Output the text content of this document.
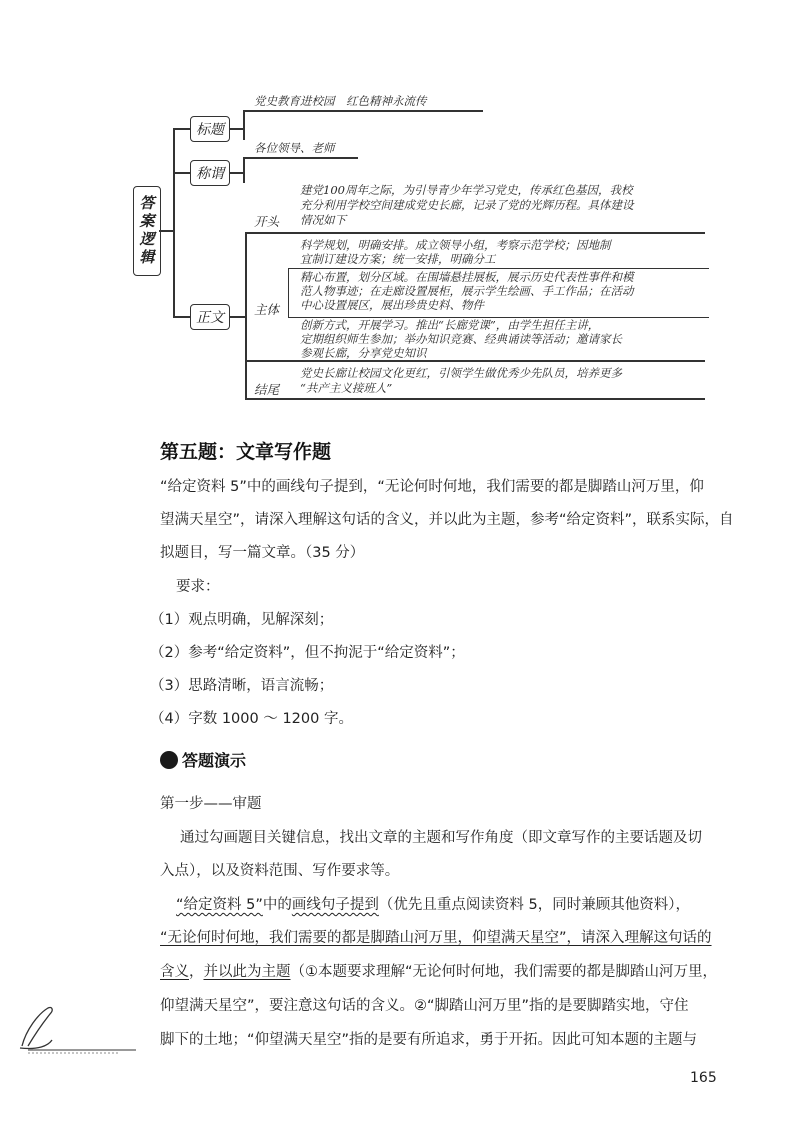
答案逻辑
标题
党史教育进校园　红色精神永流传
称谓
各位领导、老师
正文
开头
建党100周年之际，为引导青少年学习党史，传承红色基因，我校
充分利用学校空间建成党史长廊，记录了党的光辉历程。具体建设
情况如下
主体
科学规划，明确安排。成立领导小组，考察示范学校；因地制
宜制订建设方案；统一安排，明确分工
精心布置，划分区域。在围墙悬挂展板，展示历史代表性事件和模
范人物事迹；在走廊设置展柜，展示学生绘画、手工作品；在活动
中心设置展区，展出珍贵史料、物件
创新方式，开展学习。推出“长廊党课”，由学生担任主讲，
定期组织师生参加；举办知识竞赛、经典诵读等活动；邀请家长
参观长廊，分享党史知识
结尾
党史长廊让校园文化更红，引领学生做优秀少先队员，培养更多
“共产主义接班人”
第五题：文章写作题
“给定资料 5”中的画线句子提到，“无论何时何地，我们需要的都是脚踏山河万里，仰
望满天星空”，请深入理解这句话的含义，并以此为主题，参考“给定资料”，联系实际，自
拟题目，写一篇文章。（35 分）
要求：
（1）观点明确，见解深刻；
（2）参考“给定资料”，但不拘泥于“给定资料”；
（3）思路清晰，语言流畅；
（4）字数 1000 ～ 1200 字。
答题演示
第一步——审题
通过勾画题目关键信息，找出文章的主题和写作角度（即文章写作的主要话题及切
入点），以及资料范围、写作要求等。
“给定资料 5”中的画线句子提到（优先且重点阅读资料 5，同时兼顾其他资料），
“无论何时何地，我们需要的都是脚踏山河万里，仰望满天星空”，请深入理解这句话的
含义，并以此为主题（①本题要求理解“无论何时何地，我们需要的都是脚踏山河万里，
仰望满天星空”，要注意这句话的含义。②“脚踏山河万里”指的是要脚踏实地，守住
脚下的土地；“仰望满天星空”指的是要有所追求，勇于开拓。因此可知本题的主题与
165
